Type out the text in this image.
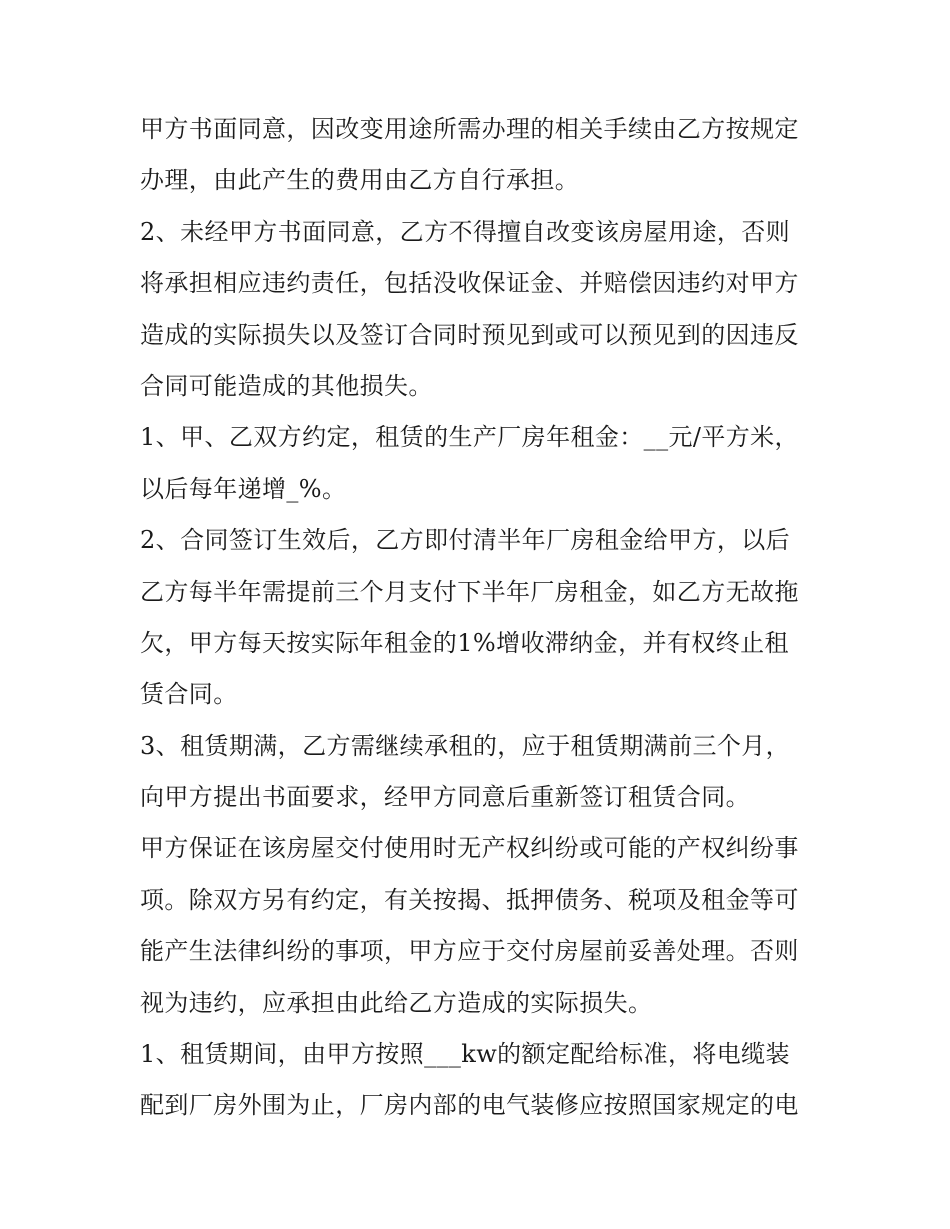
甲方书面同意，因改变用途所需办理的相关手续由乙方按规定
办理，由此产生的费用由乙方自行承担。
2、未经甲方书面同意，乙方不得擅自改变该房屋用途，否则
将承担相应违约责任，包括没收保证金、并赔偿因违约对甲方
造成的实际损失以及签订合同时预见到或可以预见到的因违反
合同可能造成的其他损失。
1、甲、乙双方约定，租赁的生产厂房年租金：__元/平方米，
以后每年递增_%。
2、合同签订生效后，乙方即付清半年厂房租金给甲方，以后
乙方每半年需提前三个月支付下半年厂房租金，如乙方无故拖
欠，甲方每天按实际年租金的1%增收滞纳金，并有权终止租
赁合同。
3、租赁期满，乙方需继续承租的，应于租赁期满前三个月，
向甲方提出书面要求，经甲方同意后重新签订租赁合同。
甲方保证在该房屋交付使用时无产权纠纷或可能的产权纠纷事
项。除双方另有约定，有关按揭、抵押债务、税项及租金等可
能产生法律纠纷的事项，甲方应于交付房屋前妥善处理。否则
视为违约，应承担由此给乙方造成的实际损失。
1、租赁期间，由甲方按照___kw的额定配给标准，将电缆装
配到厂房外围为止，厂房内部的电气装修应按照国家规定的电
